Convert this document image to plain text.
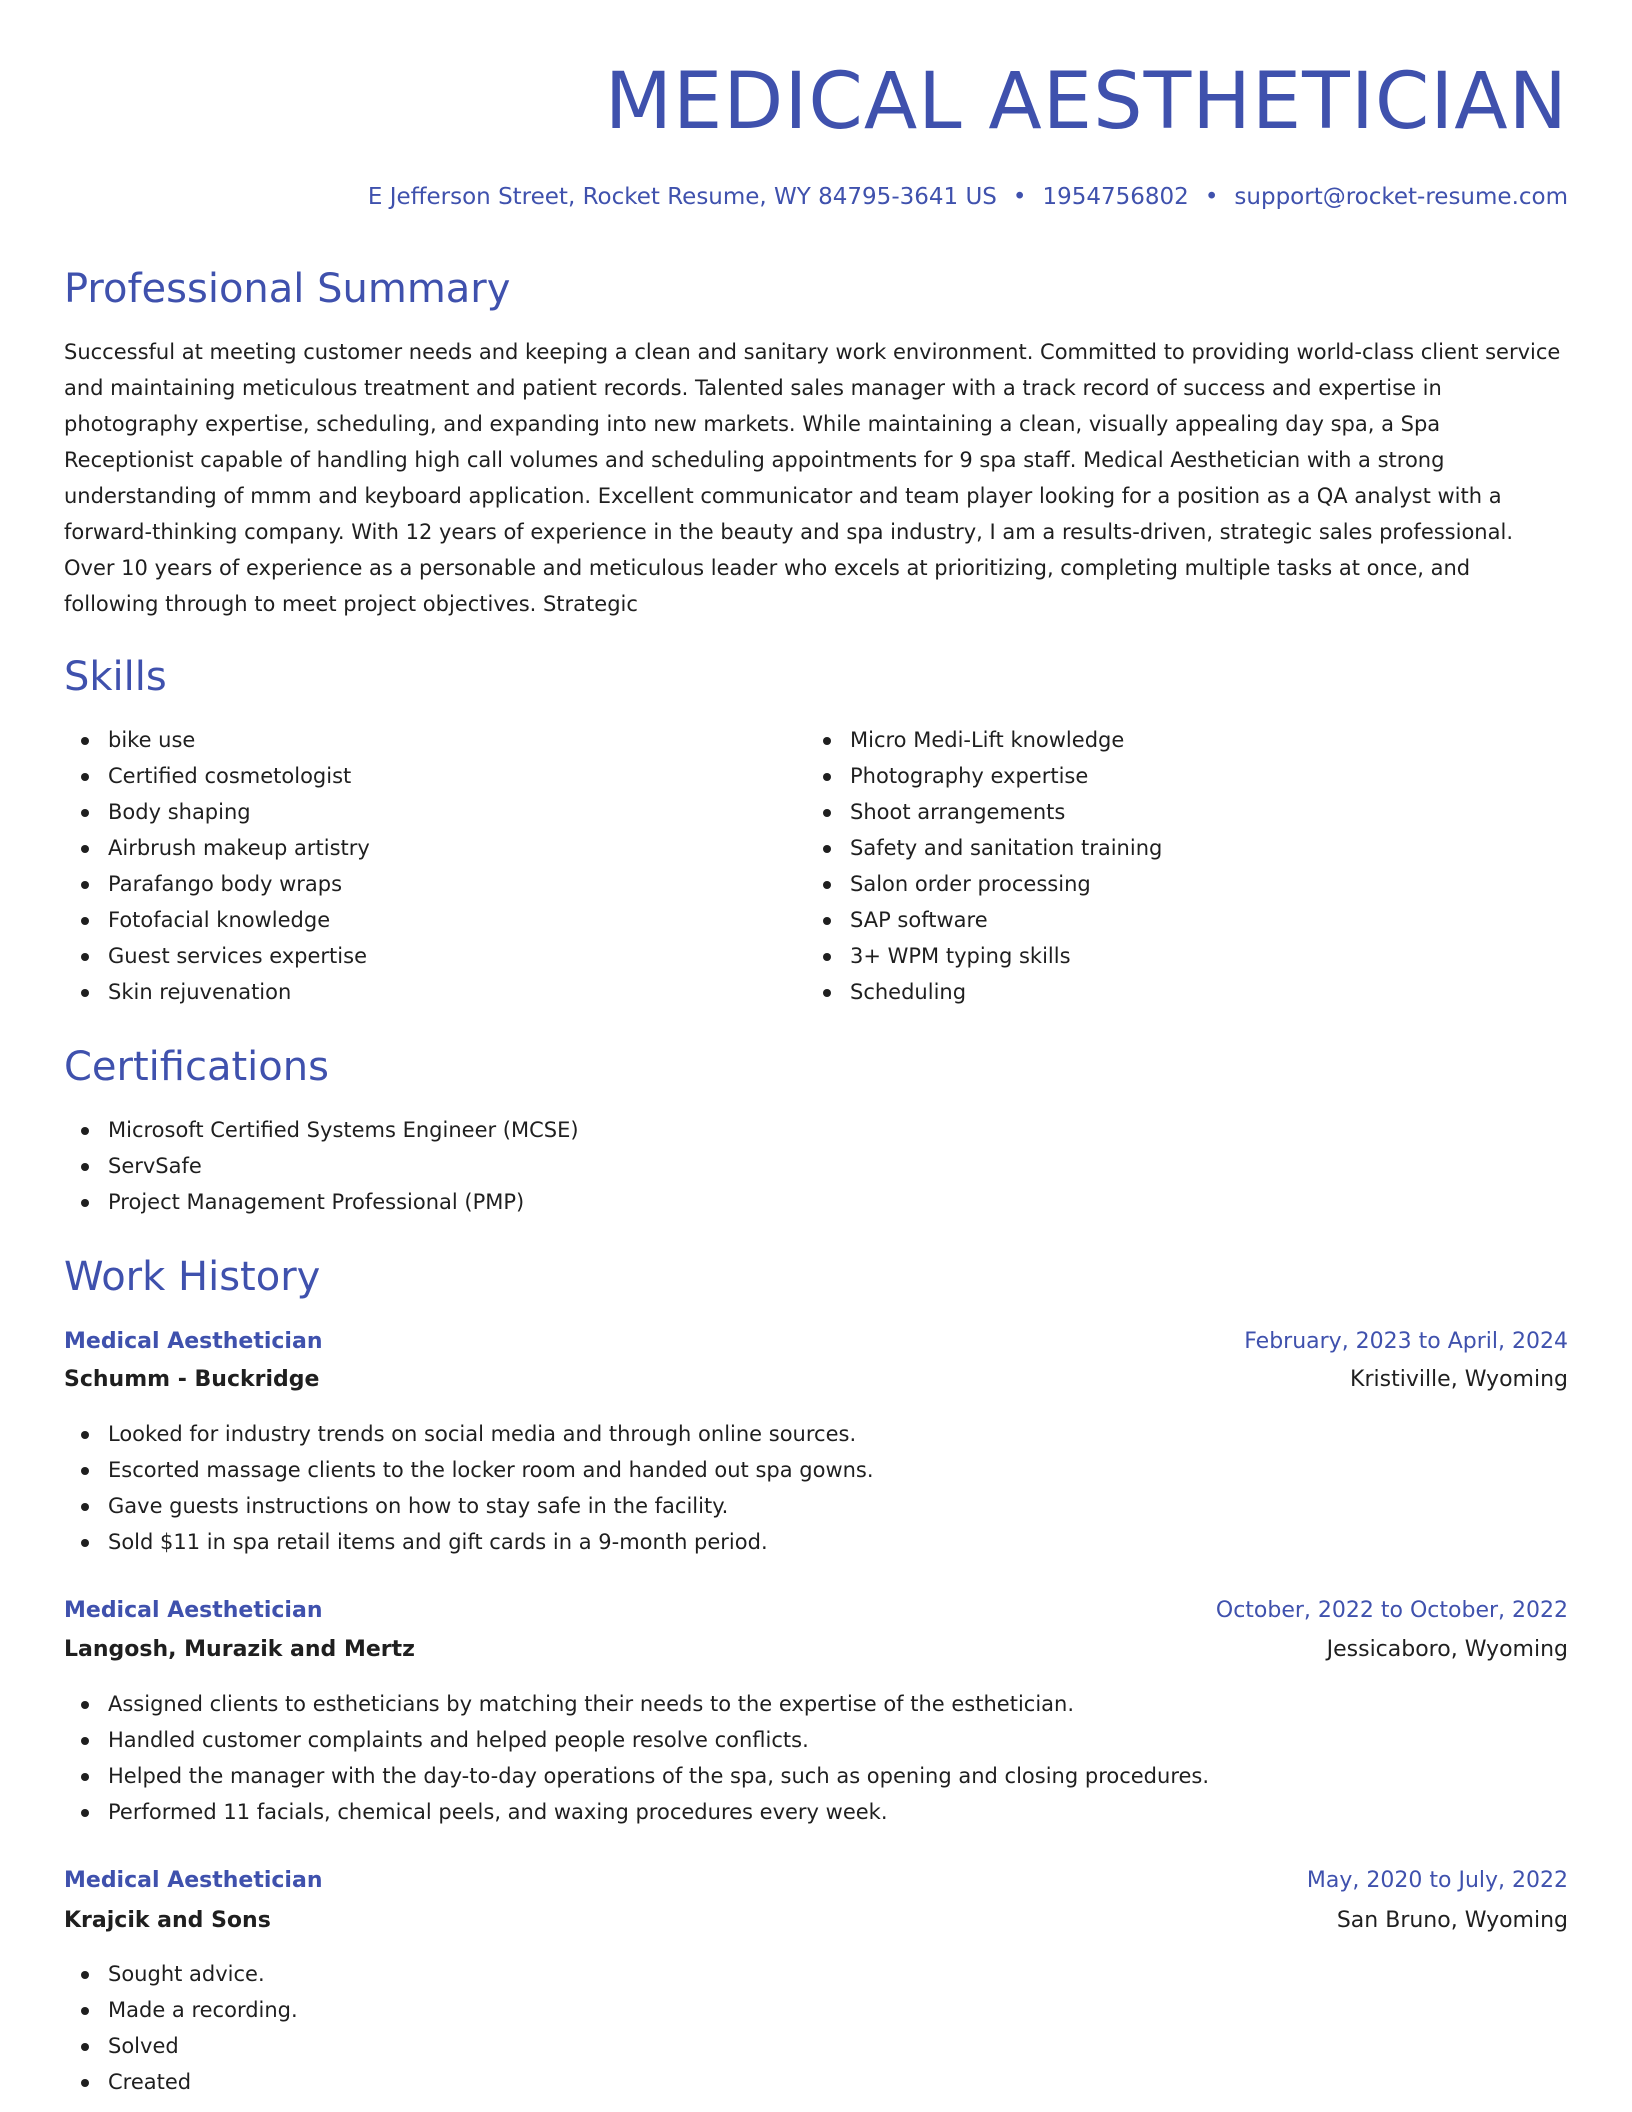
MEDICAL AESTHETICIAN
E Jefferson Street, Rocket Resume, WY 84795-3641 US • 1954756802 • support@rocket-resume.com
Professional Summary

Successful at meeting customer needs and keeping a clean and sanitary work environment. Committed to providing world-class client service and maintaining meticulous treatment and patient records. Talented sales manager with a track record of success and expertise in photography expertise, scheduling, and expanding into new markets. While maintaining a clean, visually appealing day spa, a Spa Receptionist capable of handling high call volumes and scheduling appointments for 9 spa staff. Medical Aesthetician with a strong understanding of mmm and keyboard application. Excellent communicator and team player looking for a position as a QA analyst with a forward-thinking company. With 12 years of experience in the beauty and spa industry, I am a results-driven, strategic sales professional. Over 10 years of experience as a personable and meticulous leader who excels at prioritizing, completing multiple tasks at once, and following through to meet project objectives. Strategic

Skills
bike use
Certified cosmetologist
Body shaping
Airbrush makeup artistry
Parafango body wraps
Fotofacial knowledge
Guest services expertise
Skin rejuvenation
Micro Medi-Lift knowledge
Photography expertise
Shoot arrangements
Safety and sanitation training
Salon order processing
SAP software
3+ WPM typing skills
Scheduling
Certifications
Microsoft Certified Systems Engineer (MCSE)
ServSafe
Project Management Professional (PMP)
Work History
Medical Aesthetician	February, 2023 to April, 2024
Schumm - Buckridge	Kristiville, Wyoming
Looked for industry trends on social media and through online sources.
Escorted massage clients to the locker room and handed out spa gowns.
Gave guests instructions on how to stay safe in the facility.
Sold $11 in spa retail items and gift cards in a 9-month period.
Medical Aesthetician	October, 2022 to October, 2022
Langosh, Murazik and Mertz	Jessicaboro, Wyoming
Assigned clients to estheticians by matching their needs to the expertise of the esthetician.
Handled customer complaints and helped people resolve conflicts.
Helped the manager with the day-to-day operations of the spa, such as opening and closing procedures.
Performed 11 facials, chemical peels, and waxing procedures every week.
Medical Aesthetician	May, 2020 to July, 2022
Krajcik and Sons	San Bruno, Wyoming
Sought advice.
Made a recording.
Solved
Created
